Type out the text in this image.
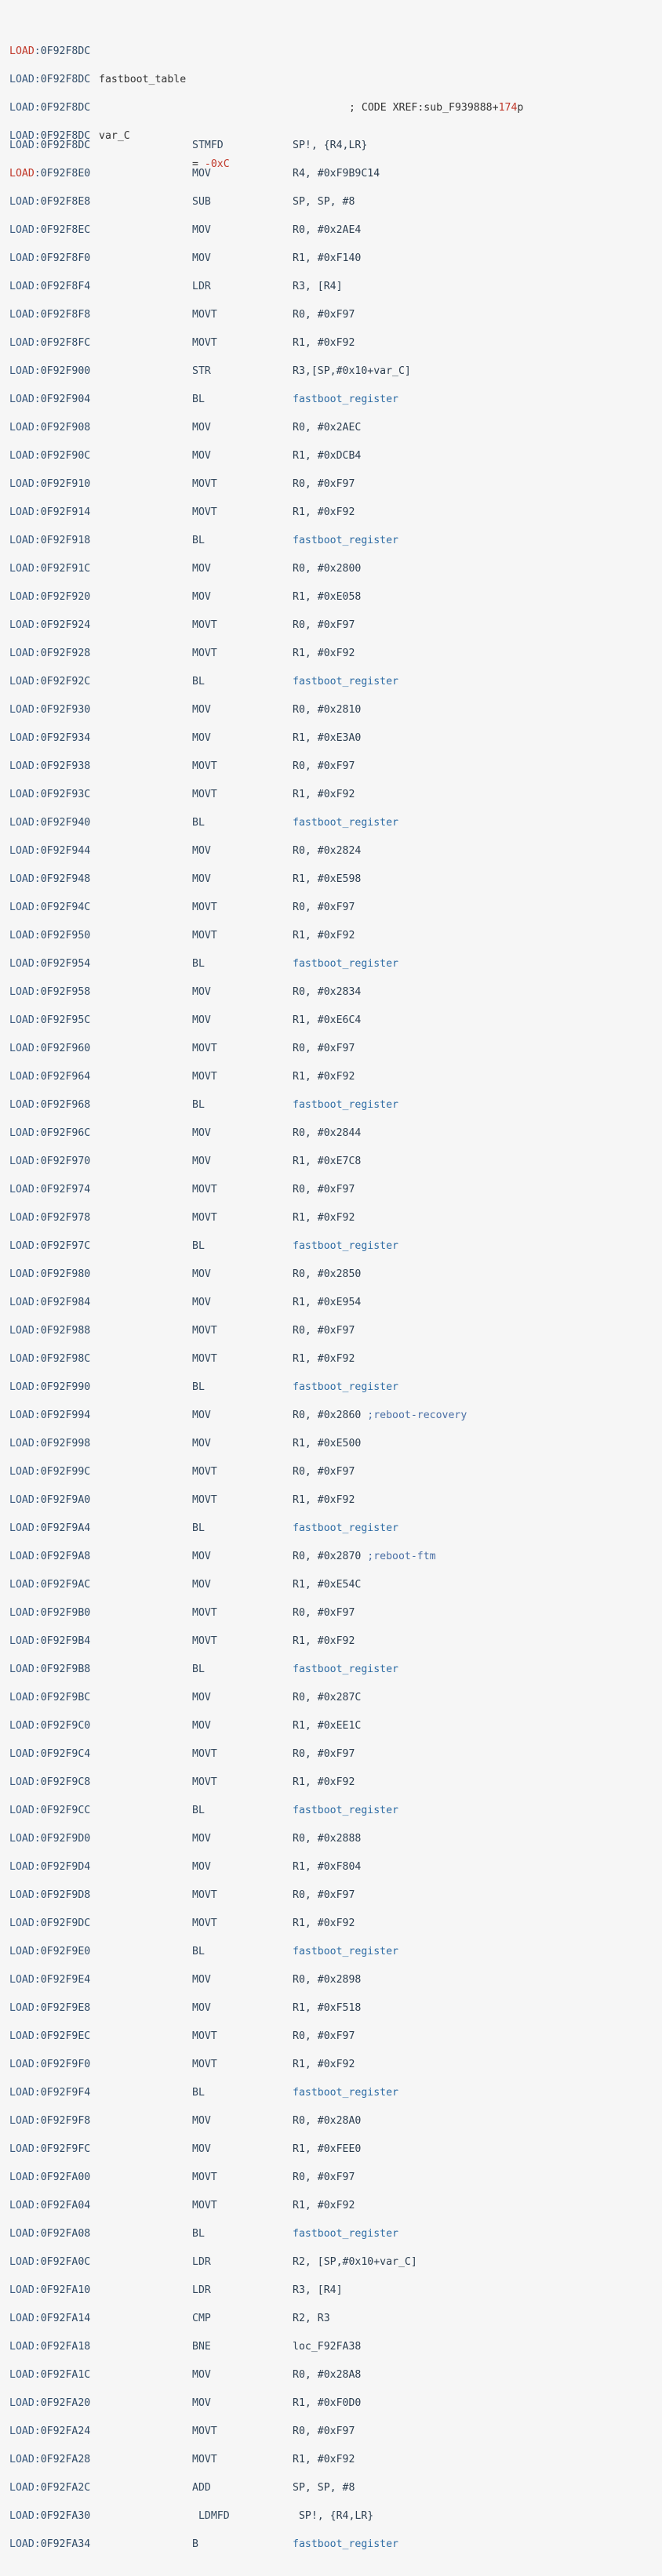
LOAD:0F92F8DC

fastboot_table

; CODE XREF:sub_F939888+174p

LOAD:0F92F8DC

LOAD:0F92F8DC

var_C

= -0xC

LOAD:0F92F8DC

LOAD:0F92F8DC	STMFD	SP!, {R4,LR}
LOAD:0F92F8E0	MOV	R4, #0xF9B9C14
LOAD:0F92F8E8	SUB	SP, SP, #8
LOAD:0F92F8EC	MOV	R0, #0x2AE4
LOAD:0F92F8F0	MOV	R1, #0xF140
LOAD:0F92F8F4	LDR	R3, [R4]
LOAD:0F92F8F8	MOVT	R0, #0xF97
LOAD:0F92F8FC	MOVT	R1, #0xF92
LOAD:0F92F900	STR	R3,[SP,#0x10+var_C]
LOAD:0F92F904	BL	fastboot_register
LOAD:0F92F908	MOV	R0, #0x2AEC
LOAD:0F92F90C	MOV	R1, #0xDCB4
LOAD:0F92F910	MOVT	R0, #0xF97
LOAD:0F92F914	MOVT	R1, #0xF92
LOAD:0F92F918	BL	fastboot_register
LOAD:0F92F91C	MOV	R0, #0x2800
LOAD:0F92F920	MOV	R1, #0xE058
LOAD:0F92F924	MOVT	R0, #0xF97
LOAD:0F92F928	MOVT	R1, #0xF92
LOAD:0F92F92C	BL	fastboot_register
LOAD:0F92F930	MOV	R0, #0x2810
LOAD:0F92F934	MOV	R1, #0xE3A0
LOAD:0F92F938	MOVT	R0, #0xF97
LOAD:0F92F93C	MOVT	R1, #0xF92
LOAD:0F92F940	BL	fastboot_register
LOAD:0F92F944	MOV	R0, #0x2824
LOAD:0F92F948	MOV	R1, #0xE598
LOAD:0F92F94C	MOVT	R0, #0xF97
LOAD:0F92F950	MOVT	R1, #0xF92
LOAD:0F92F954	BL	fastboot_register
LOAD:0F92F958	MOV	R0, #0x2834
LOAD:0F92F95C	MOV	R1, #0xE6C4
LOAD:0F92F960	MOVT	R0, #0xF97
LOAD:0F92F964	MOVT	R1, #0xF92
LOAD:0F92F968	BL	fastboot_register
LOAD:0F92F96C	MOV	R0, #0x2844
LOAD:0F92F970	MOV	R1, #0xE7C8
LOAD:0F92F974	MOVT	R0, #0xF97
LOAD:0F92F978	MOVT	R1, #0xF92
LOAD:0F92F97C	BL	fastboot_register
LOAD:0F92F980	MOV	R0, #0x2850
LOAD:0F92F984	MOV	R1, #0xE954
LOAD:0F92F988	MOVT	R0, #0xF97
LOAD:0F92F98C	MOVT	R1, #0xF92
LOAD:0F92F990	BL	fastboot_register
LOAD:0F92F994	MOV	R0, #0x2860 ;reboot-recovery
LOAD:0F92F998	MOV	R1, #0xE500
LOAD:0F92F99C	MOVT	R0, #0xF97
LOAD:0F92F9A0	MOVT	R1, #0xF92
LOAD:0F92F9A4	BL	fastboot_register
LOAD:0F92F9A8	MOV	R0, #0x2870 ;reboot-ftm
LOAD:0F92F9AC	MOV	R1, #0xE54C
LOAD:0F92F9B0	MOVT	R0, #0xF97
LOAD:0F92F9B4	MOVT	R1, #0xF92
LOAD:0F92F9B8	BL	fastboot_register
LOAD:0F92F9BC	MOV	R0, #0x287C
LOAD:0F92F9C0	MOV	R1, #0xEE1C
LOAD:0F92F9C4	MOVT	R0, #0xF97
LOAD:0F92F9C8	MOVT	R1, #0xF92
LOAD:0F92F9CC	BL	fastboot_register
LOAD:0F92F9D0	MOV	R0, #0x2888
LOAD:0F92F9D4	MOV	R1, #0xF804
LOAD:0F92F9D8	MOVT	R0, #0xF97
LOAD:0F92F9DC	MOVT	R1, #0xF92
LOAD:0F92F9E0	BL	fastboot_register
LOAD:0F92F9E4	MOV	R0, #0x2898
LOAD:0F92F9E8	MOV	R1, #0xF518
LOAD:0F92F9EC	MOVT	R0, #0xF97
LOAD:0F92F9F0	MOVT	R1, #0xF92
LOAD:0F92F9F4	BL	fastboot_register
LOAD:0F92F9F8	MOV	R0, #0x28A0
LOAD:0F92F9FC	MOV	R1, #0xFEE0
LOAD:0F92FA00	MOVT	R0, #0xF97
LOAD:0F92FA04	MOVT	R1, #0xF92
LOAD:0F92FA08	BL	fastboot_register
LOAD:0F92FA0C	LDR	R2, [SP,#0x10+var_C]
LOAD:0F92FA10	LDR	R3, [R4]
LOAD:0F92FA14	CMP	R2, R3
LOAD:0F92FA18	BNE	loc_F92FA38
LOAD:0F92FA1C	MOV	R0, #0x28A8
LOAD:0F92FA20	MOV	R1, #0xF0D0
LOAD:0F92FA24	MOVT	R0, #0xF97
LOAD:0F92FA28	MOVT	R1, #0xF92
LOAD:0F92FA2C	ADD	SP, SP, #8
LOAD:0F92FA30	LDMFD	SP!, {R4,LR}
LOAD:0F92FA34	B	fastboot_register
